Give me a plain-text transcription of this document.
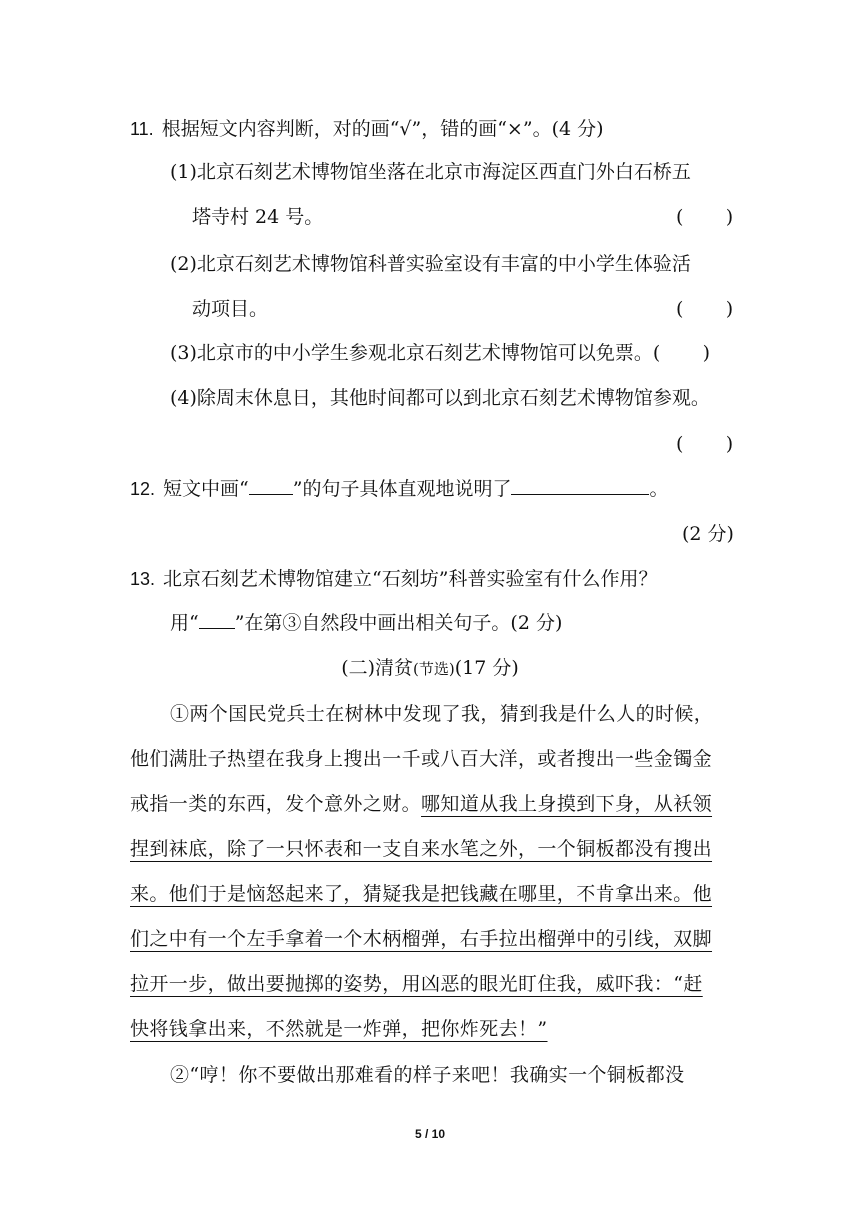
11. 根据短文内容判断，对的画“√”，错的画“×”。(4 分)
(1)北京石刻艺术博物馆坐落在北京市海淀区西直门外白石桥五
塔寺村 24 号。	(       )
(2)北京石刻艺术博物馆科普实验室设有丰富的中小学生体验活
动项目。	(       )
(3)北京市的中小学生参观北京石刻艺术博物馆可以免票。(       )
(4)除周末休息日，其他时间都可以到北京石刻艺术博物馆参观。
(       )
12. 短文中画“ ”的句子具体直观地说明了	。
(2 分)
13. 北京石刻艺术博物馆建立“石刻坊”科普实验室有什么作用？
用“ ”在第③自然段中画出相关句子。(2 分)
(二)清贫(节选)(17 分)
①两个国民党兵士在树林中发现了我，猜到我是什么人的时候，
他们满肚子热望在我身上搜出一千或八百大洋，或者搜出一些金镯金
戒指一类的东西，发个意外之财。哪知道从我上身摸到下身，从袄领
捏到袜底，除了一只怀表和一支自来水笔之外，一个铜板都没有搜出
来。他们于是恼怒起来了，猜疑我是把钱藏在哪里，不肯拿出来。他
们之中有一个左手拿着一个木柄榴弹，右手拉出榴弹中的引线，双脚
拉开一步，做出要抛掷的姿势，用凶恶的眼光盯住我，威吓我：“赶
快将钱拿出来，不然就是一炸弹，把你炸死去！”
②“哼！你不要做出那难看的样子来吧！我确实一个铜板都没
5 / 10
